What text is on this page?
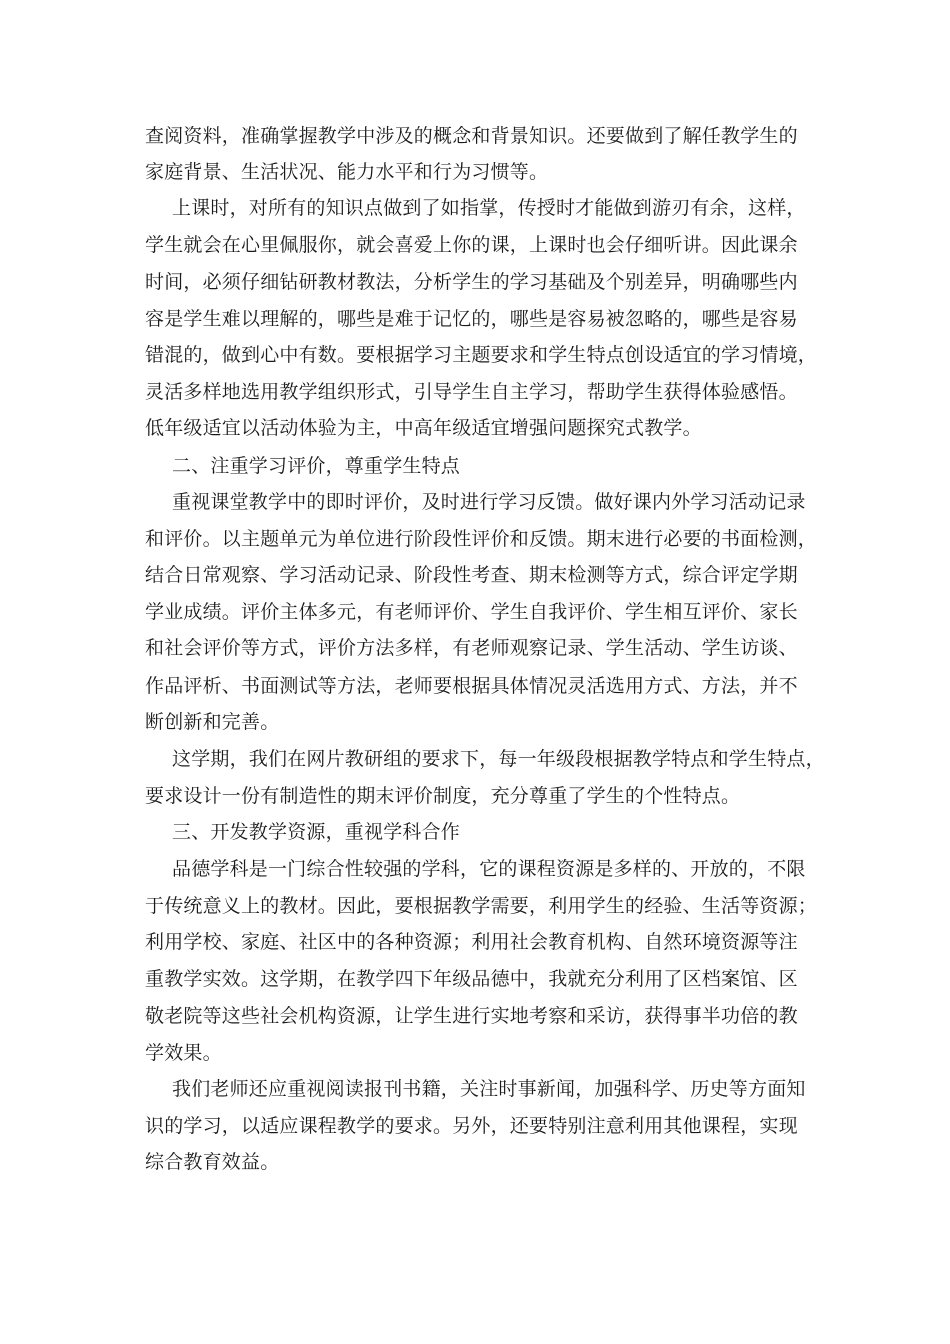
查阅资料，准确掌握教学中涉及的概念和背景知识。还要做到了解任教学生的
家庭背景、生活状况、能力水平和行为习惯等。
上课时，对所有的知识点做到了如指掌，传授时才能做到游刃有余，这样，
学生就会在心里佩服你，就会喜爱上你的课，上课时也会仔细听讲。因此课余
时间，必须仔细钻研教材教法，分析学生的学习基础及个别差异，明确哪些内
容是学生难以理解的，哪些是难于记忆的，哪些是容易被忽略的，哪些是容易
错混的，做到心中有数。要根据学习主题要求和学生特点创设适宜的学习情境，
灵活多样地选用教学组织形式，引导学生自主学习，帮助学生获得体验感悟。
低年级适宜以活动体验为主，中高年级适宜增强问题探究式教学。
二、注重学习评价，尊重学生特点
重视课堂教学中的即时评价，及时进行学习反馈。做好课内外学习活动记录
和评价。以主题单元为单位进行阶段性评价和反馈。期末进行必要的书面检测，
结合日常观察、学习活动记录、阶段性考查、期末检测等方式，综合评定学期
学业成绩。评价主体多元，有老师评价、学生自我评价、学生相互评价、家长
和社会评价等方式，评价方法多样，有老师观察记录、学生活动、学生访谈、
作品评析、书面测试等方法，老师要根据具体情况灵活选用方式、方法，并不
断创新和完善。
这学期，我们在网片教研组的要求下，每一年级段根据教学特点和学生特点，
要求设计一份有制造性的期末评价制度，充分尊重了学生的个性特点。
三、开发教学资源，重视学科合作
品德学科是一门综合性较强的学科，它的课程资源是多样的、开放的，不限
于传统意义上的教材。因此，要根据教学需要，利用学生的经验、生活等资源；
利用学校、家庭、社区中的各种资源；利用社会教育机构、自然环境资源等注
重教学实效。这学期，在教学四下年级品德中，我就充分利用了区档案馆、区
敬老院等这些社会机构资源，让学生进行实地考察和采访，获得事半功倍的教
学效果。
我们老师还应重视阅读报刊书籍，关注时事新闻，加强科学、历史等方面知
识的学习，以适应课程教学的要求。另外，还要特别注意利用其他课程，实现
综合教育效益。
